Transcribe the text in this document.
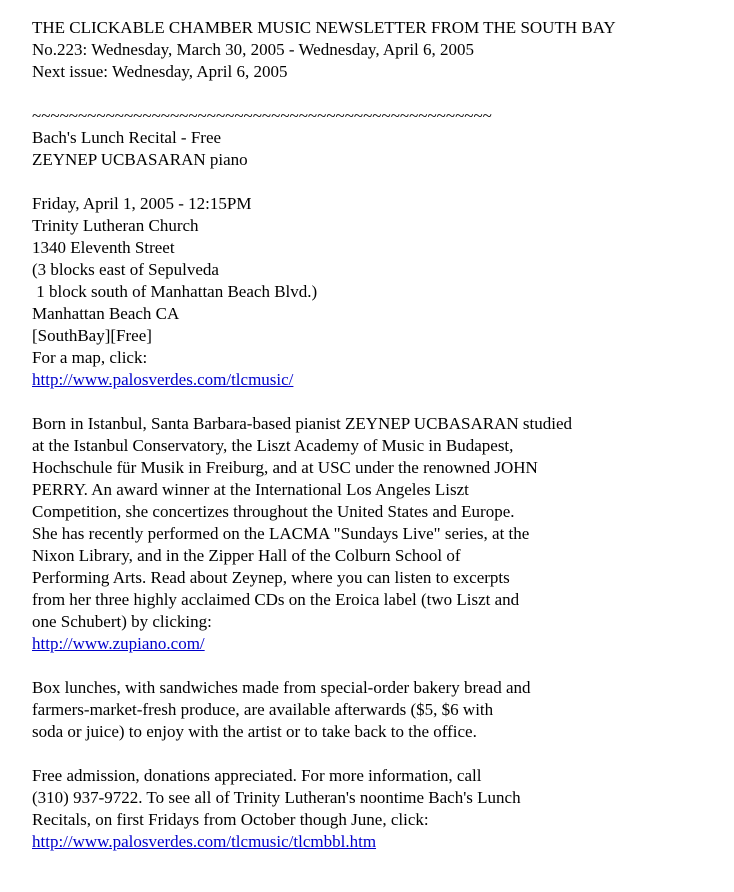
THE CLICKABLE CHAMBER MUSIC NEWSLETTER FROM THE SOUTH BAY
No.223: Wednesday, March 30, 2005 - Wednesday, April 6, 2005
Next issue: Wednesday, April 6, 2005
~~~~~~~~~~~~~~~~~~~~~~~~~~~~~~~~~~~~~~~~~~~~~~~~~~
Bach's Lunch Recital - Free
ZEYNEP UCBASARAN piano
Friday, April 1, 2005 - 12:15PM
Trinity Lutheran Church
1340 Eleventh Street
(3 blocks east of Sepulveda
1 block south of Manhattan Beach Blvd.)
Manhattan Beach CA
[SouthBay][Free]
For a map, click:
http://www.palosverdes.com/tlcmusic/
Born in Istanbul, Santa Barbara-based pianist ZEYNEP UCBASARAN studied
at the Istanbul Conservatory, the Liszt Academy of Music in Budapest,
Hochschule für Musik in Freiburg, and at USC under the renowned JOHN
PERRY. An award winner at the International Los Angeles Liszt
Competition, she concertizes throughout the United States and Europe.
She has recently performed on the LACMA "Sundays Live" series, at the
Nixon Library, and in the Zipper Hall of the Colburn School of
Performing Arts. Read about Zeynep, where you can listen to excerpts
from her three highly acclaimed CDs on the Eroica label (two Liszt and
one Schubert) by clicking:
http://www.zupiano.com/
Box lunches, with sandwiches made from special-order bakery bread and
farmers-market-fresh produce, are available afterwards ($5, $6 with
soda or juice) to enjoy with the artist or to take back to the office.
Free admission, donations appreciated. For more information, call
(310) 937-9722. To see all of Trinity Lutheran's noontime Bach's Lunch
Recitals, on first Fridays from October though June, click:
http://www.palosverdes.com/tlcmusic/tlcmbbl.htm
